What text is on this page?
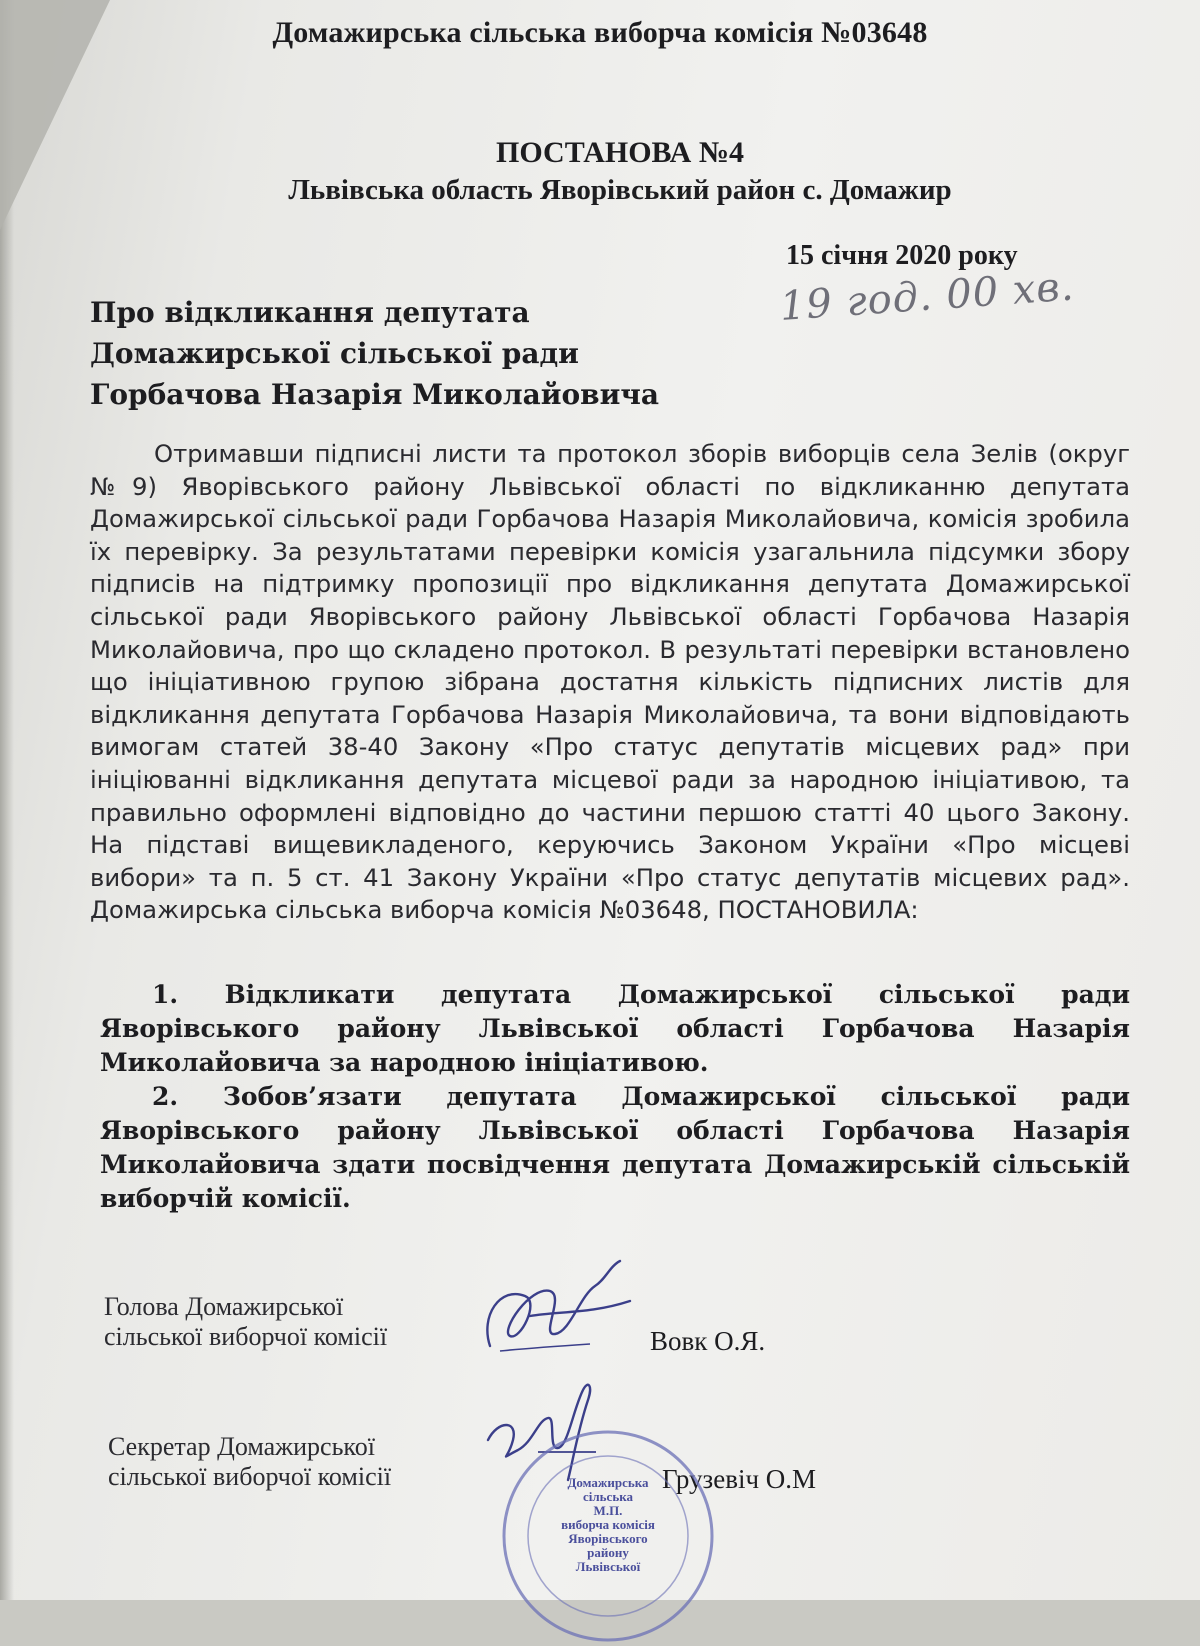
Домажирська сільська виборча комісія №03648
ПОСТАНОВА №4
Львівська область Яворівський район с. Домажир
15 січня 2020 року
19 год. 00 хв.
Про відкликання депутата
Домажирської сільської ради
Горбачова Назарія Миколайовича
Отримавши підписні листи та протокол зборів виборців села Зелів (округ №9) Яворівського району Львівської області по відкликанню депутата Домажирської сільської ради Горбачова Назарія Миколайовича, комісія зробила їх перевірку. За результатами перевірки комісія узагальнила підсумки збору підписів на підтримку пропозиції про відкликання депутата Домажирської сільської ради Яворівського району Львівської області Горбачова Назарія Миколайовича, про що складено протокол. В результаті перевірки встановлено що ініціативною групою зібрана достатня кількість підписних листів для відкликання депутата Горбачова Назарія Миколайовича, та вони відповідають вимогам статей 38-40 Закону «Про статус депутатів місцевих рад» при ініціюванні відкликання депутата місцевої ради за народною ініціативою, та правильно оформлені відповідно до частини першою статті 40 цього Закону. На підставі вищевикладеного, керуючись Законом України «Про місцеві вибори» та п. 5 ст. 41 Закону України «Про статус депутатів місцевих рад». Домажирська сільська виборча комісія №03648, ПОСТАНОВИЛА:
1. Відкликати депутата Домажирської сільської ради Яворівського району Львівської області Горбачова Назарія Миколайовича за народною ініціативою.
2. Зобов’язати депутата Домажирської сільської ради Яворівського району Львівської області Горбачова Назарія Миколайовича здати посвідчення депутата Домажирській сільській виборчій комісії.
Голова Домажирської
сільської виборчої комісії	Вовк О.Я.
Секретар Домажирської
сільської виборчої комісії	Грузевіч О.М
Домажирська
сільська
М.П.
виборча комісія
Яворівського
району
Львівської
